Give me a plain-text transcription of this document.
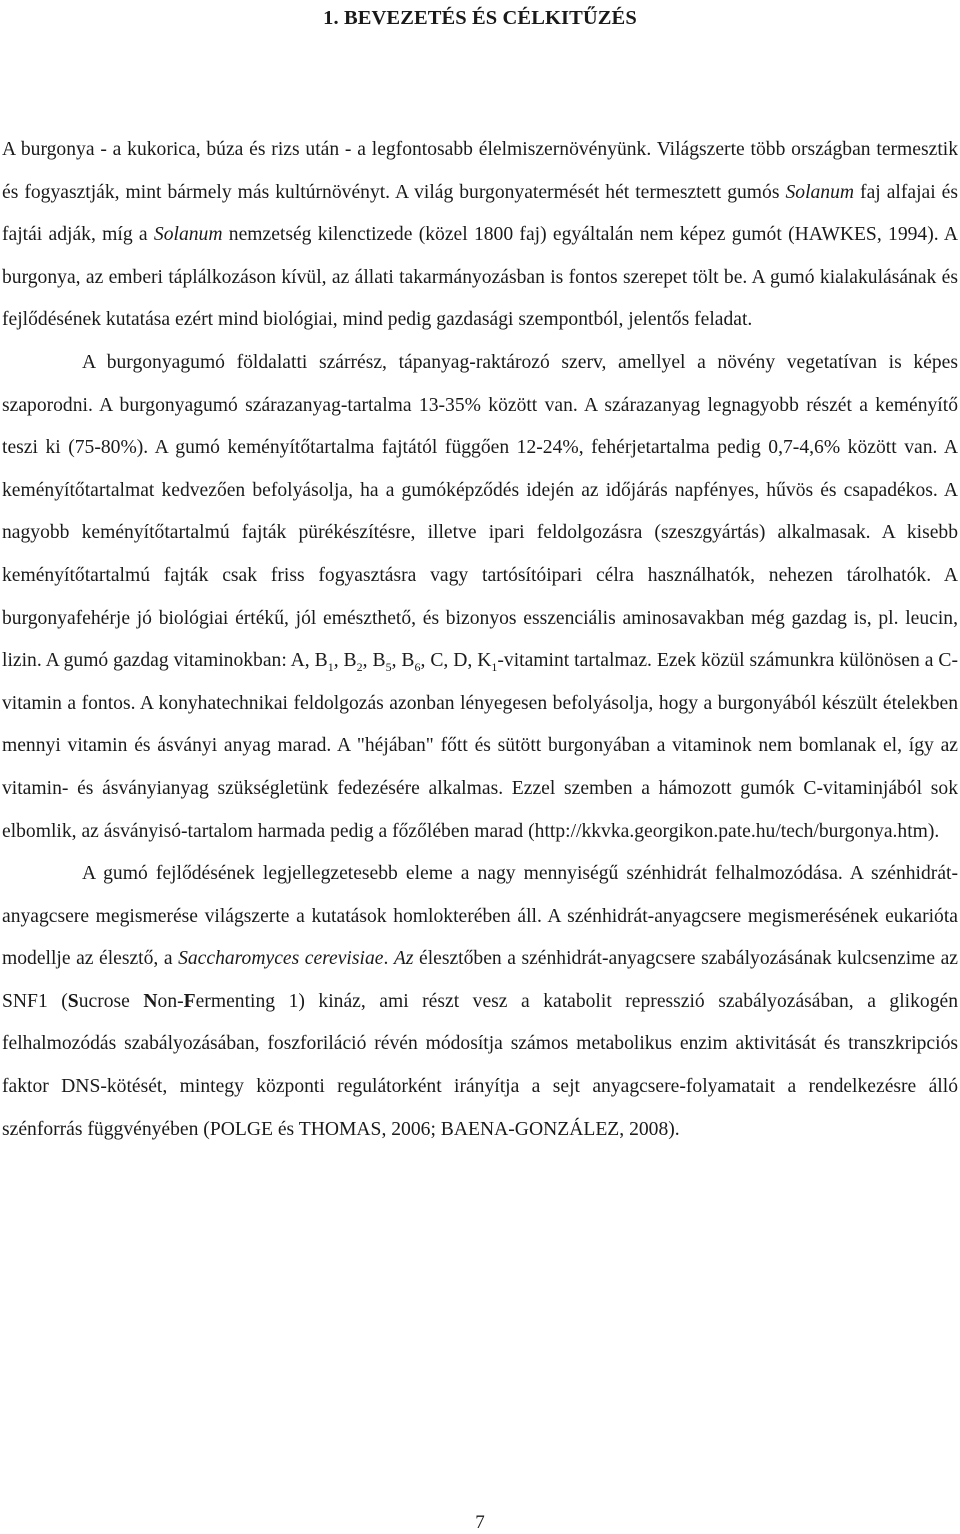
1. BEVEZETÉS ÉS CÉLKITŰZÉS

A burgonya - a kukorica, búza és rizs után - a legfontosabb élelmiszernövényünk. Világszerte több országban termesztik és fogyasztják, mint bármely más kultúrnövényt. A világ burgonyatermését hét termesztett gumós Solanum faj alfajai és fajtái adják, míg a Solanum nemzetség kilenctizede (közel 1800 faj) egyáltalán nem képez gumót (HAWKES, 1994). A burgonya, az emberi táplálkozáson kívül, az állati takarmányozásban is fontos szerepet tölt be. A gumó kialakulásának és fejlődésének kutatása ezért mind biológiai, mind pedig gazdasági szempontból, jelentős feladat.

A burgonyagumó földalatti szárrész, tápanyag-raktározó szerv, amellyel a növény vegetatívan is képes szaporodni. A burgonyagumó szárazanyag-tartalma 13-35% között van. A szárazanyag legnagyobb részét a keményítő teszi ki (75-80%). A gumó keményítőtartalma fajtától függően 12-24%, fehérjetartalma pedig 0,7-4,6% között van. A keményítőtartalmat kedvezően befolyásolja, ha a gumóképződés idején az időjárás napfényes, hűvös és csapadékos. A nagyobb keményítőtartalmú fajták pürékészítésre, illetve ipari feldolgozásra (szeszgyártás) alkalmasak. A kisebb keményítőtartalmú fajták csak friss fogyasztásra vagy tartósítóipari célra használhatók, nehezen tárolhatók. A burgonyafehérje jó biológiai értékű, jól emészthető, és bizonyos esszenciális aminosavakban még gazdag is, pl. leucin, lizin. A gumó gazdag vitaminokban: A, $B_1$, $B_2$, $B_5$, $B_6$, C, D, $K_1$-vitamint tartalmaz. Ezek közül számunkra különösen a C-vitamin a fontos. A konyhatechnikai feldolgozás azonban lényegesen befolyásolja, hogy a burgonyából készült ételekben mennyi vitamin és ásványi anyag marad. A "héjában" főtt és sütött burgonyában a vitaminok nem bomlanak el, így az vitamin- és ásványianyag szükségletünk fedezésére alkalmas. Ezzel szemben a hámozott gumók C-vitaminjából sok elbomlik, az ásványisó-tartalom harmada pedig a főzőlében marad (http://kkvka.georgikon.pate.hu/tech/burgonya.htm).

A gumó fejlődésének legjellegzetesebb eleme a nagy mennyiségű szénhidrát felhalmozódása. A szénhidrát-anyagcsere megismerése világszerte a kutatások homlokterében áll. A szénhidrát-anyagcsere megismerésének eukarióta modellje az élesztő, a Saccharomyces cerevisiae. Az élesztőben a szénhidrát-anyagcsere szabályozásának kulcsenzime az SNF1 (Sucrose Non-Fermenting 1) kináz, ami részt vesz a katabolit represszió szabályozásában, a glikogén felhalmozódás szabályozásában, foszforiláció révén módosítja számos metabolikus enzim aktivitását és transzkripciós faktor DNS-kötését, mintegy központi regulátorként irányítja a sejt anyagcsere-folyamatait a rendelkezésre álló szénforrás függvényében (POLGE és THOMAS, 2006; BAENA-GONZÁLEZ, 2008).

7
